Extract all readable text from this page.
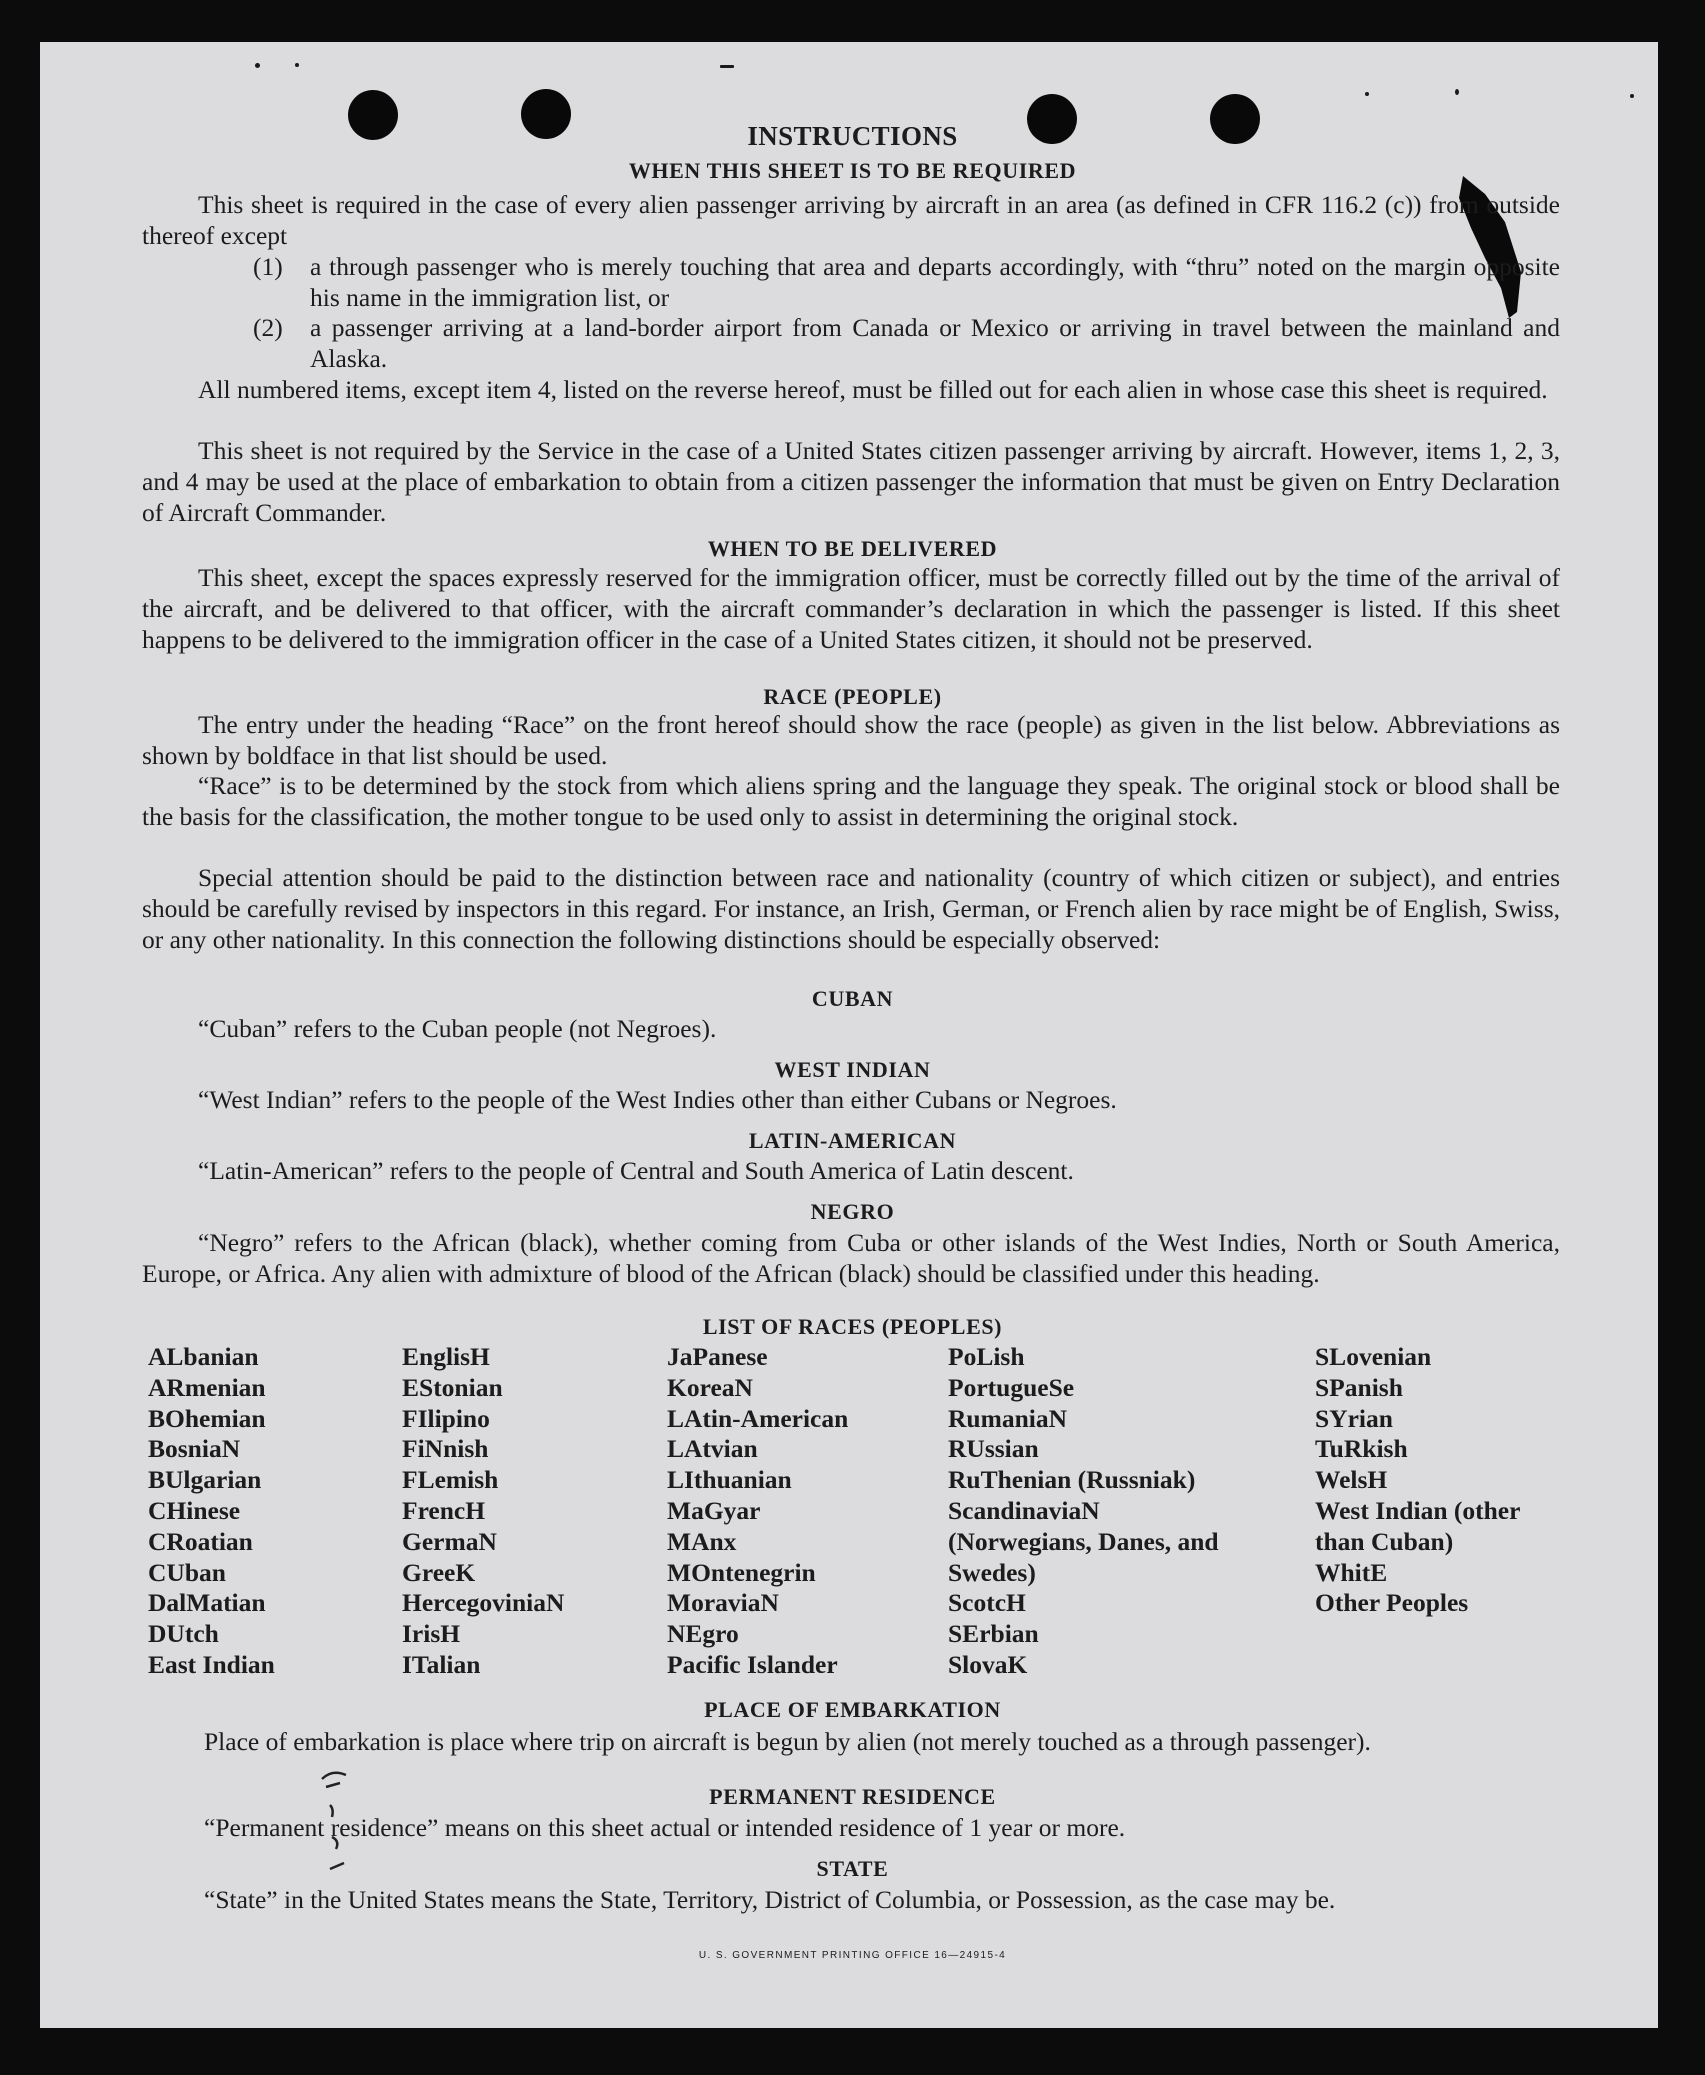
INSTRUCTIONS
WHEN THIS SHEET IS TO BE REQUIRED

This sheet is required in the case of every alien passenger arriving by aircraft in an area (as defined in CFR 116.2 (c)) from outside thereof except

(1) a through passenger who is merely touching that area and departs accordingly, with “thru” noted on the margin opposite his name in the immigration list, or
(2) a passenger arriving at a land-border airport from Canada or Mexico or arriving in travel between the mainland and Alaska.

All numbered items, except item 4, listed on the reverse hereof, must be filled out for each alien in whose case this sheet is required.

This sheet is not required by the Service in the case of a United States citizen passenger arriving by aircraft. However, items 1, 2, 3, and 4 may be used at the place of embarkation to obtain from a citizen passenger the information that must be given on Entry Declaration of Aircraft Commander.

WHEN TO BE DELIVERED

This sheet, except the spaces expressly reserved for the immigration officer, must be correctly filled out by the time of the arrival of the aircraft, and be delivered to that officer, with the aircraft commander’s declaration in which the passenger is listed. If this sheet happens to be delivered to the immigration officer in the case of a United States citizen, it should not be preserved.

RACE (PEOPLE)

The entry under the heading “Race” on the front hereof should show the race (people) as given in the list below. Abbreviations as shown by boldface in that list should be used.

“Race” is to be determined by the stock from which aliens spring and the language they speak. The original stock or blood shall be the basis for the classification, the mother tongue to be used only to assist in determining the original stock.

Special attention should be paid to the distinction between race and nationality (country of which citizen or subject), and entries should be carefully revised by inspectors in this regard. For instance, an Irish, German, or French alien by race might be of English, Swiss, or any other nationality. In this connection the following distinctions should be especially observed:

CUBAN

“Cuban” refers to the Cuban people (not Negroes).

WEST INDIAN

“West Indian” refers to the people of the West Indies other than either Cubans or Negroes.

LATIN-AMERICAN

“Latin-American” refers to the people of Central and South America of Latin descent.

NEGRO

“Negro” refers to the African (black), whether coming from Cuba or other islands of the West Indies, North or South America, Europe, or Africa. Any alien with admixture of blood of the African (black) should be classified under this heading.

LIST OF RACES (PEOPLES)
ALbanian
ARmenian
BOhemian
BosniaN
BUlgarian
CHinese
CRoatian
CUban
DalMatian
DUtch
East Indian
EnglisH
EStonian
FIlipino
FiNnish
FLemish
FrencH
GermaN
GreeK
HercegoviniaN
IrisH
ITalian
JaPanese
KoreaN
LAtin-American
LAtvian
LIthuanian
MaGyar
MAnx
MOntenegrin
MoraviaN
NEgro
Pacific Islander
PoLish
PortugueSe
RumaniaN
RUssian
RuThenian (Russniak)
ScandinaviaN (Norwegians, Danes, and Swedes)
ScotcH
SErbian
SlovaK
SLovenian
SPanish
SYrian
TuRkish
WelsH
West Indian (other than Cuban)
WhitE
Other Peoples
PLACE OF EMBARKATION

Place of embarkation is place where trip on aircraft is begun by alien (not merely touched as a through passenger).

PERMANENT RESIDENCE

“Permanent residence” means on this sheet actual or intended residence of 1 year or more.

STATE

“State” in the United States means the State, Territory, District of Columbia, or Possession, as the case may be.

U. S. GOVERNMENT PRINTING OFFICE 16—24915-4
